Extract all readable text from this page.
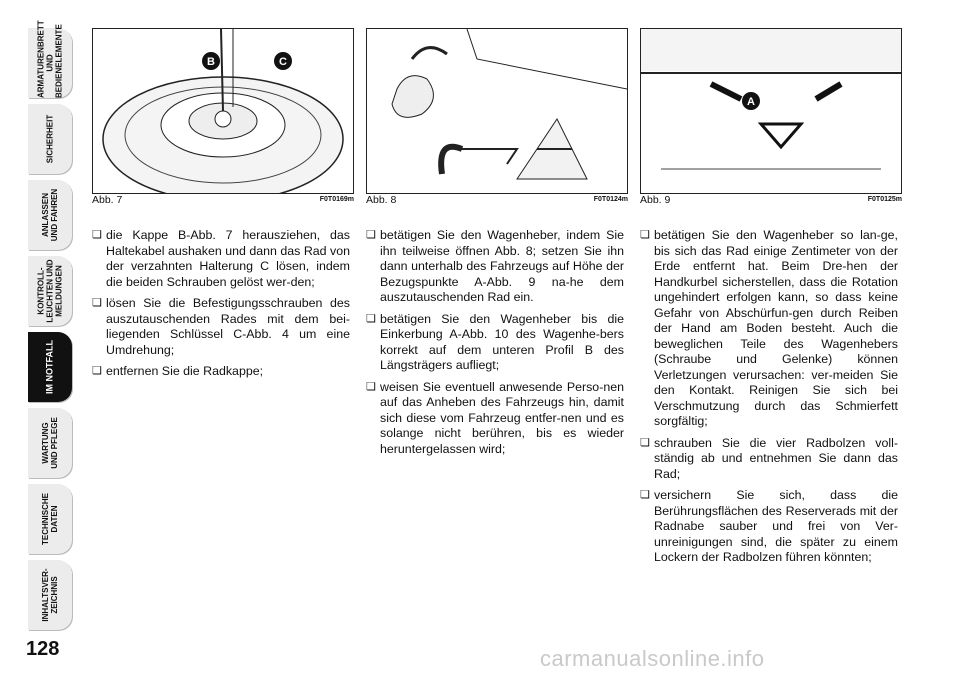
ARMATURENBRETT
UND
BEDIENELEMENTE
SICHERHEIT
ANLASSEN
UND FAHREN
KONTROLL-
LEUCHTEN UND
MELDUNGEN
IM NOTFALL
WARTUNG
UND PFLEGE
TECHNISCHE
DATEN
INHALTSVER-
ZEICHNIS
128
B	C
Abb. 7	F0T0169m Abb. 8	F0T0124m
A
Abb. 9	F0T0125m
❏ die Kappe B-Abb. 7 herausziehen, das Haltekabel aushaken und dann das Rad von der verzahnten Halterung C lösen, indem die beiden Schrauben gelöst wer-den;
❏ lösen Sie die Befestigungsschrauben des auszutauschenden Rades mit dem bei-liegenden Schlüssel C-Abb. 4 um eine Umdrehung;
❏ entfernen Sie die Radkappe;
❏ betätigen Sie den Wagenheber, indem Sie ihn teilweise öffnen Abb. 8; setzen Sie ihn dann unterhalb des Fahrzeugs auf Höhe der Bezugspunkte A-Abb. 9 na-he dem auszutauschenden Rad ein.
❏ betätigen Sie den Wagenheber bis die Einkerbung A-Abb. 10 des Wagenhe-bers korrekt auf dem unteren Profil B des Längsträgers aufliegt;
❏ weisen Sie eventuell anwesende Perso-nen auf das Anheben des Fahrzeugs hin, damit sich diese vom Fahrzeug entfer-nen und es solange nicht berühren, bis es wieder heruntergelassen wird;
❏ betätigen Sie den Wagenheber so lan-ge, bis sich das Rad einige Zentimeter von der Erde entfernt hat. Beim Dre-hen der Handkurbel sicherstellen, dass die Rotation ungehindert erfolgen kann, so dass keine Gefahr von Abschürfun-gen durch Reiben der Hand am Boden besteht. Auch die beweglichen Teile des Wagenhebers (Schraube und Gelenke) können Verletzungen verursachen: ver-meiden Sie den Kontakt. Reinigen Sie sich bei Verschmutzung durch das Schmierfett sorgfältig;
❏ schrauben Sie die vier Radbolzen voll-ständig ab und entnehmen Sie dann das Rad;
❏ versichern Sie sich, dass die Berührungsflächen des Reserverads mit der Radnabe sauber und frei von Ver-unreinigungen sind, die später zu einem Lockern der Radbolzen führen könnten;
carmanualsonline.info
